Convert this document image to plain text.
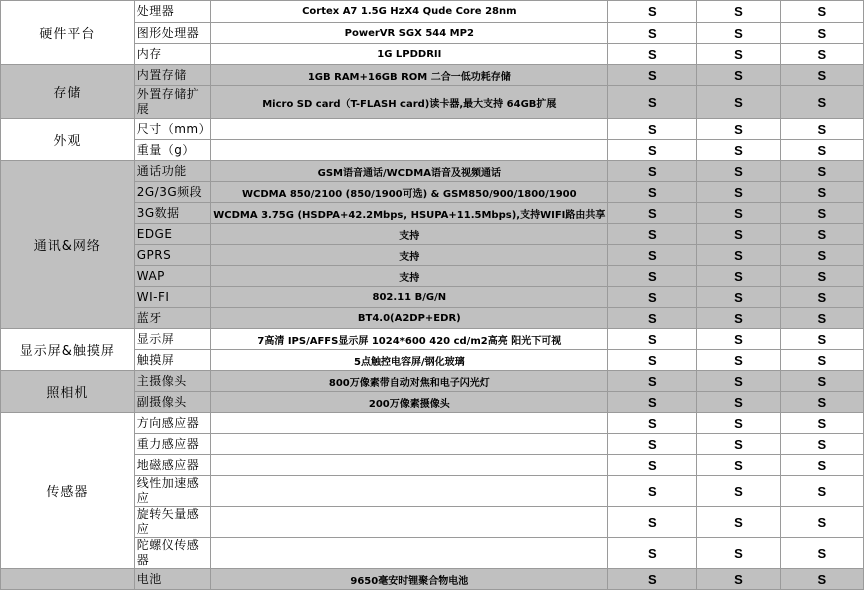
硬件平台	处理器	Cortex A7 1.5G HzX4 Qude Core 28nm	S	S	S
	图形处理器	PowerVR SGX 544 MP2	S	S	S
	内存	1G LPDDRII	S	S	S
存储	内置存储	1GB RAM+16GB ROM 二合一低功耗存储	S	S	S
	外置存储扩展	Micro SD card（T-FLASH card)读卡器,最大支持 64GB扩展	S	S	S
外观	尺寸（mm）		S	S	S
	重量（g）		S	S	S
通讯&网络	通话功能	GSM语音通话/WCDMA语音及视频通话	S	S	S
	2G/3G频段	WCDMA 850/2100 (850/1900可选) & GSM850/900/1800/1900	S	S	S
	3G数据	WCDMA 3.75G (HSDPA+42.2Mbps, HSUPA+11.5Mbps),支持WIFI路由共享	S	S	S
	EDGE	支持	S	S	S
	GPRS	支持	S	S	S
	WAP	支持	S	S	S
	WI-FI	802.11 B/G/N	S	S	S
	蓝牙	BT4.0(A2DP+EDR)	S	S	S
显示屏&触摸屏	显示屏	7高清 IPS/AFFS显示屏 1024*600 420 cd/m2高亮 阳光下可视	S	S	S
	触摸屏	5点触控电容屏/钢化玻璃	S	S	S
照相机	主摄像头	800万像素带自动对焦和电子闪光灯	S	S	S
	副摄像头	200万像素摄像头	S	S	S
传感器	方向感应器		S	S	S
	重力感应器		S	S	S
	地磁感应器		S	S	S
	线性加速感应		S	S	S
	旋转矢量感应		S	S	S
	陀螺仪传感器		S	S	S
	电池	9650毫安时锂聚合物电池	S	S	S
